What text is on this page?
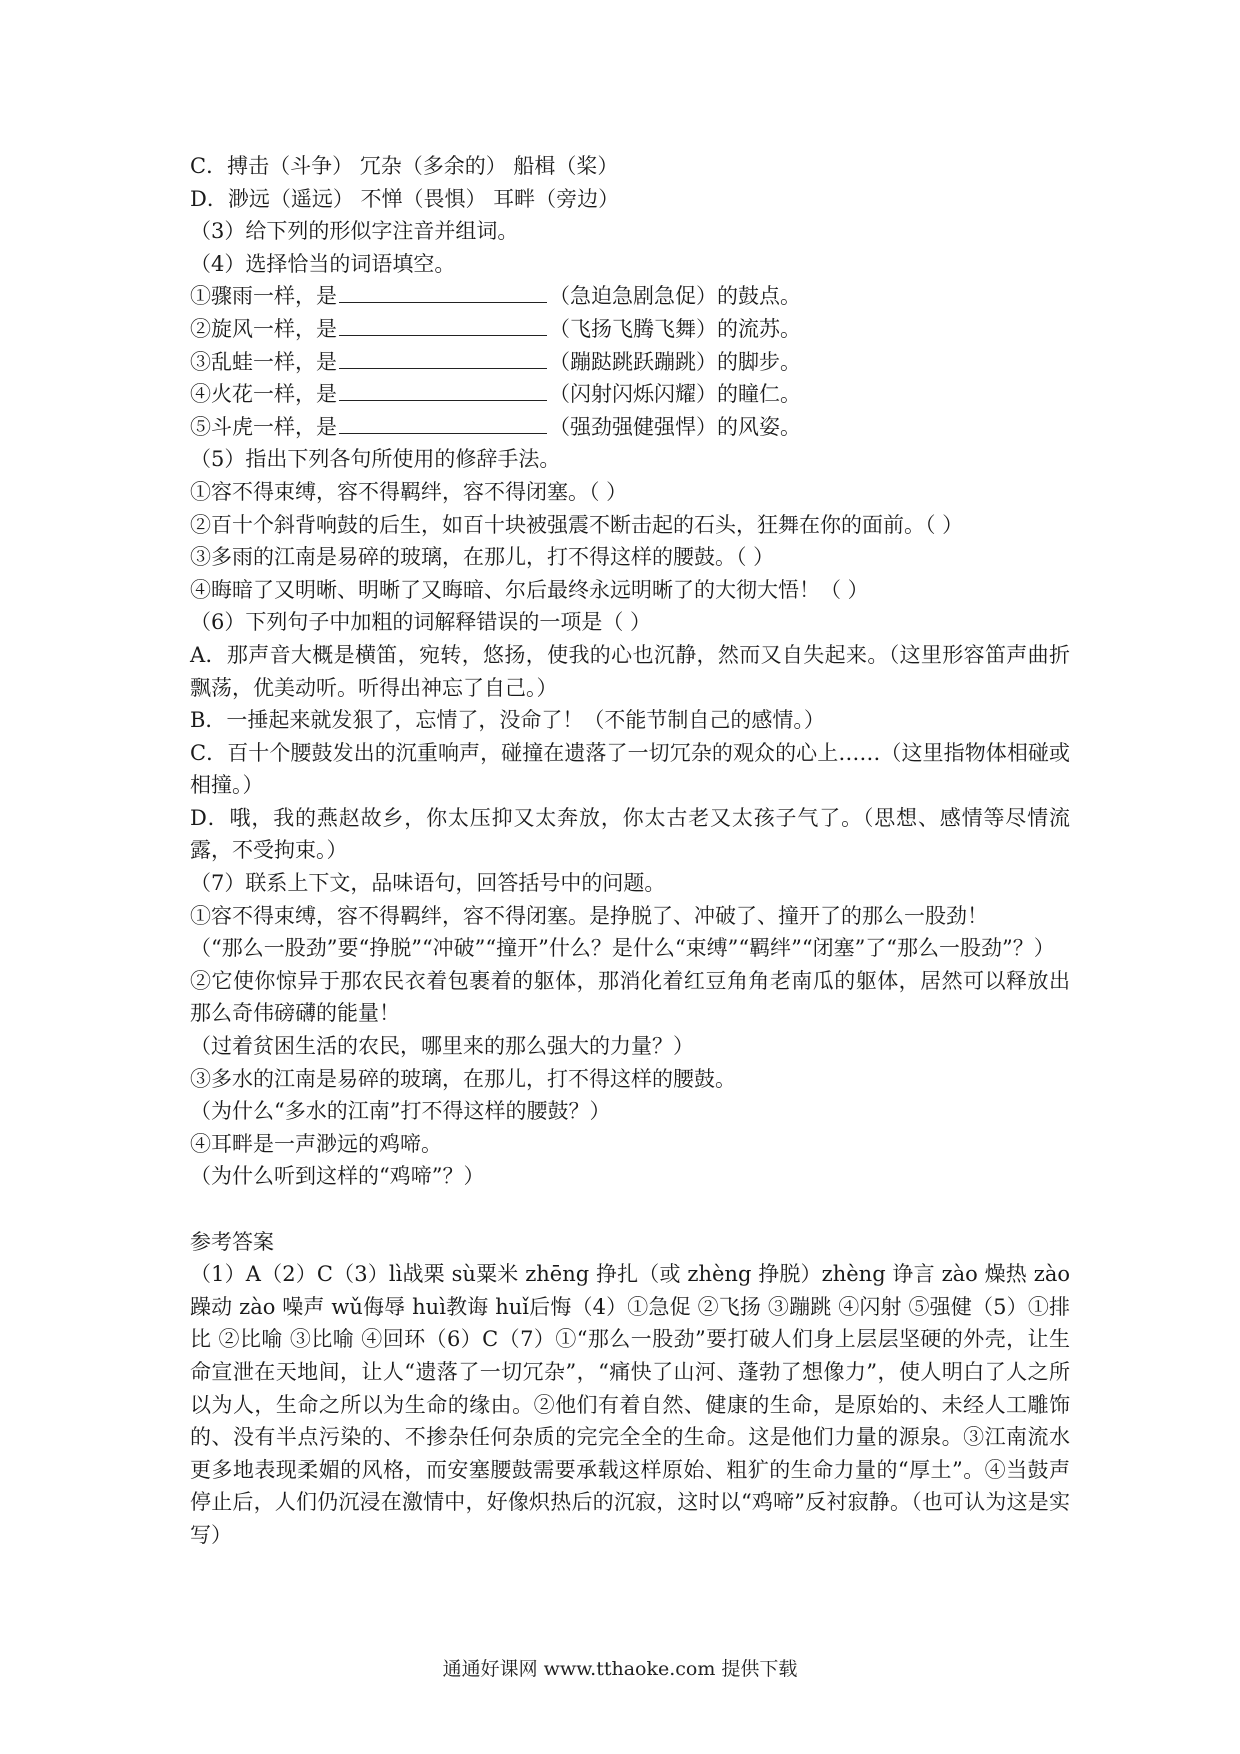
C．搏击（斗争） 冗杂（多余的） 船楫（桨）
D．渺远（遥远） 不惮（畏惧） 耳畔（旁边）
（3）给下列的形似字注音并组词。
（4）选择恰当的词语填空。
①骤雨一样，是	（急迫急剧急促）的鼓点。
②旋风一样，是	（飞扬飞腾飞舞）的流苏。
③乱蛙一样，是	（蹦跶跳跃蹦跳）的脚步。
④火花一样，是	（闪射闪烁闪耀）的瞳仁。
⑤斗虎一样，是	（强劲强健强悍）的风姿。
（5）指出下列各句所使用的修辞手法。
①容不得束缚，容不得羁绊，容不得闭塞。（ ）
②百十个斜背响鼓的后生，如百十块被强震不断击起的石头，狂舞在你的面前。（ ）
③多雨的江南是易碎的玻璃，在那儿，打不得这样的腰鼓。（ ）
④晦暗了又明晰、明晰了又晦暗、尔后最终永远明晰了的大彻大悟！（ ）
（6）下列句子中加粗的词解释错误的一项是（ ）
A．那声音大概是横笛，宛转，悠扬，使我的心也沉静，然而又自失起来。（这里形容笛声曲折飘荡，优美动听。听得出神忘了自己。）
B．一捶起来就发狠了，忘情了，没命了！（不能节制自己的感情。）
C．百十个腰鼓发出的沉重响声，碰撞在遗落了一切冗杂的观众的心上……（这里指物体相碰或相撞。）
D．哦，我的燕赵故乡，你太压抑又太奔放，你太古老又太孩子气了。（思想、感情等尽情流露，不受拘束。）
（7）联系上下文，品味语句，回答括号中的问题。
①容不得束缚，容不得羁绊，容不得闭塞。是挣脱了、冲破了、撞开了的那么一股劲！
（“那么一股劲”要“挣脱”“冲破”“撞开”什么？是什么“束缚”“羁绊”“闭塞”了“那么一股劲”？）
②它使你惊异于那农民衣着包裹着的躯体，那消化着红豆角角老南瓜的躯体，居然可以释放出那么奇伟磅礴的能量！
（过着贫困生活的农民，哪里来的那么强大的力量？）
③多水的江南是易碎的玻璃，在那儿，打不得这样的腰鼓。
（为什么“多水的江南”打不得这样的腰鼓？）
④耳畔是一声渺远的鸡啼。
（为什么听到这样的“鸡啼”？）
参考答案
（1）A（2）C（3）lì战栗 sù粟米 zhēng 挣扎（或 zhèng 挣脱）zhèng 诤言 zào 燥热 zào 躁动 zào 噪声 wǔ侮辱 huì教诲 huǐ后悔（4）①急促 ②飞扬 ③蹦跳 ④闪射 ⑤强健（5）①排比 ②比喻 ③比喻 ④回环（6）C（7）①“那么一股劲”要打破人们身上层层坚硬的外壳，让生命宣泄在天地间，让人“遗落了一切冗杂”，“痛快了山河、蓬勃了想像力”，使人明白了人之所以为人，生命之所以为生命的缘由。②他们有着自然、健康的生命，是原始的、未经人工雕饰的、没有半点污染的、不掺杂任何杂质的完完全全的生命。这是他们力量的源泉。③江南流水更多地表现柔媚的风格，而安塞腰鼓需要承载这样原始、粗犷的生命力量的“厚土”。④当鼓声停止后，人们仍沉浸在激情中，好像炽热后的沉寂，这时以“鸡啼”反衬寂静。（也可认为这是实写）
通通好课网 www.tthaoke.com 提供下载
